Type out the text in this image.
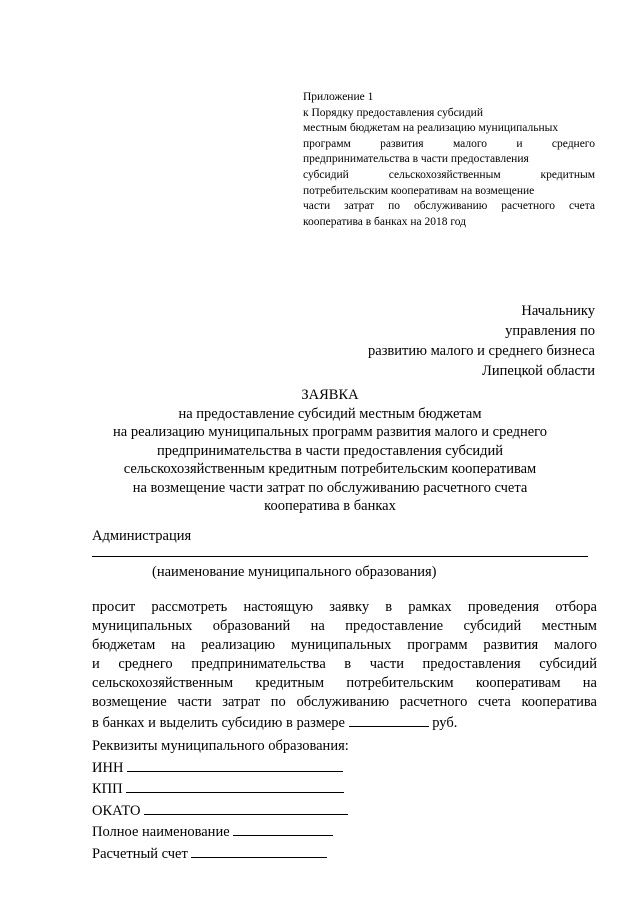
Приложение 1
к Порядку предоставления субсидий
местным бюджетам на реализацию муниципальных
программ развития малого и среднего
предпринимательства в части предоставления
субсидий сельскохозяйственным кредитным
потребительским кооперативам на возмещение
части затрат по обслуживанию расчетного счета
кооператива в банках на 2018 год
Начальнику
управления по
развитию малого и среднего бизнеса
Липецкой области
ЗАЯВКА
на предоставление субсидий местным бюджетам
на реализацию муниципальных программ развития малого и среднего
предпринимательства в части предоставления субсидий
сельскохозяйственным кредитным потребительским кооперативам
на возмещение части затрат по обслуживанию расчетного счета
кооператива в банках
Администрация
(наименование муниципального образования)
просит рассмотреть настоящую заявку в рамках проведения отбора
муниципальных образований на предоставление субсидий местным
бюджетам на реализацию муниципальных программ развития малого
и среднего предпринимательства в части предоставления субсидий
сельскохозяйственным кредитным потребительским кооперативам на
возмещение части затрат по обслуживанию расчетного счета кооператива
в банках и выделить субсидию в размере	руб.
Реквизиты муниципального образования:
ИНН
КПП
ОКАТО
Полное наименование
Расчетный счет
